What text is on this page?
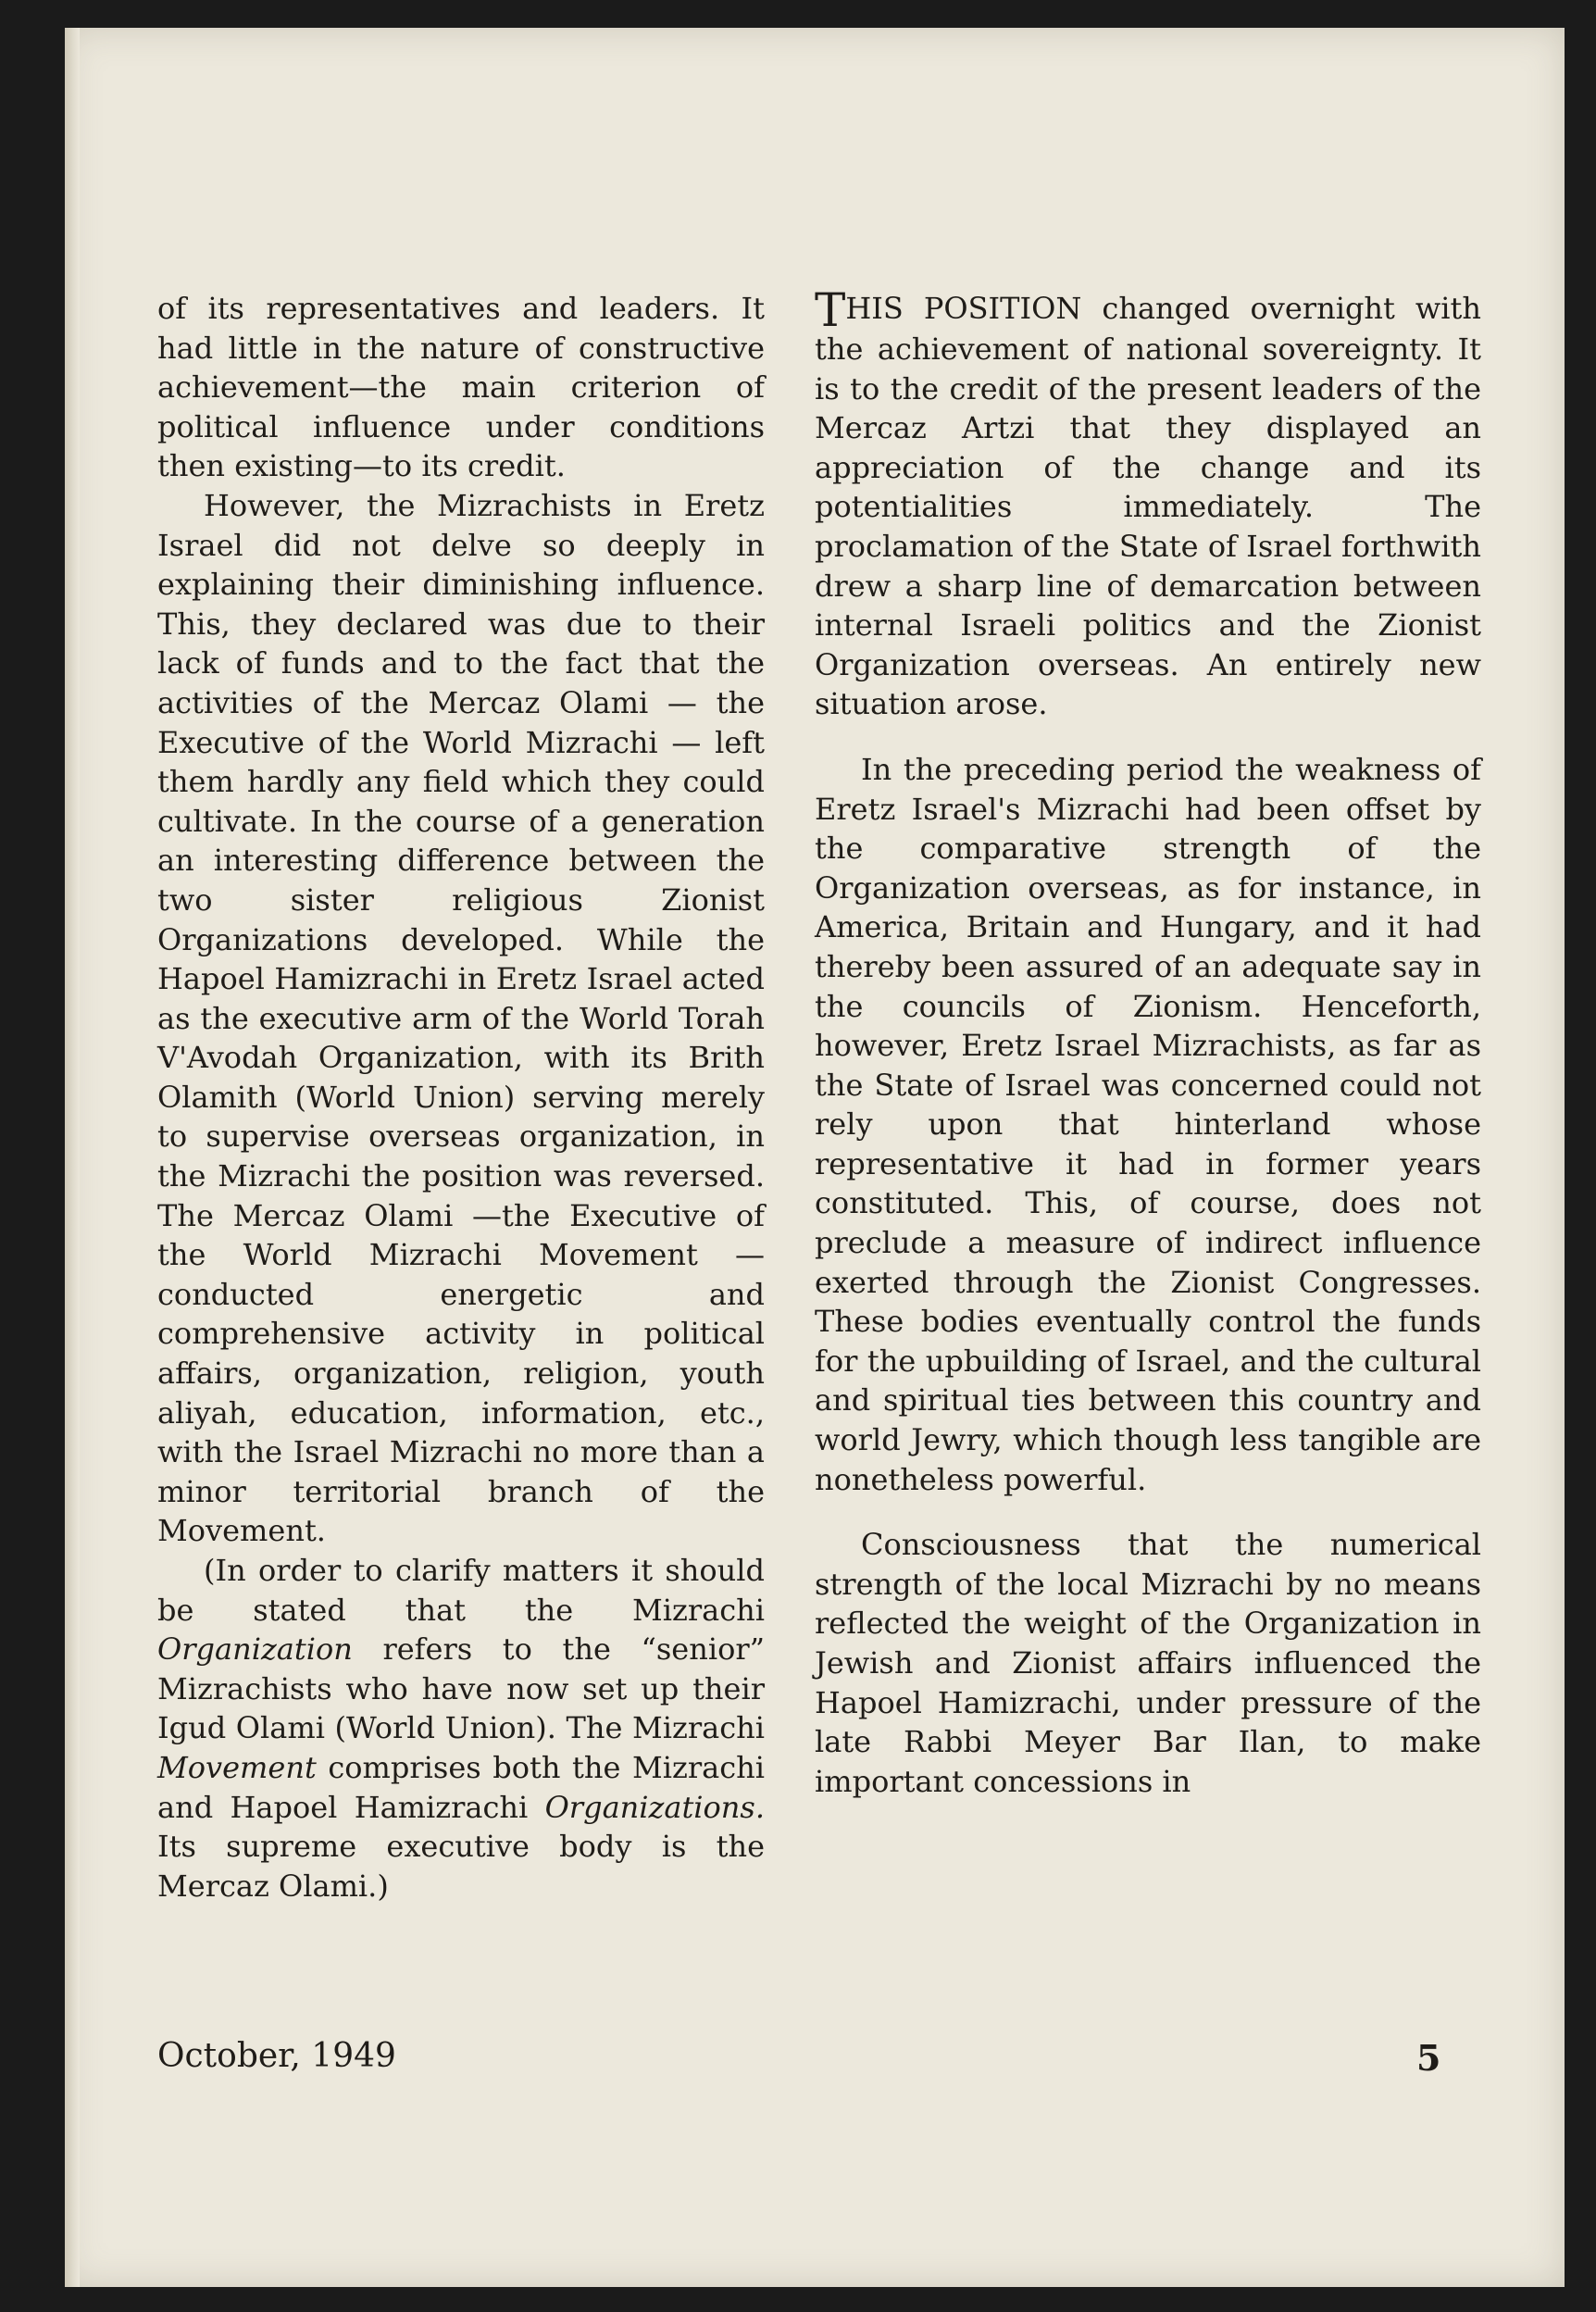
of its representatives and leaders. It had little in the nature of constructive achievement—the main criterion of political influence under conditions then existing—to its credit.

However, the Mizrachists in Eretz Israel did not delve so deeply in explaining their diminishing influence. This, they declared was due to their lack of funds and to the fact that the activities of the Mercaz Olami — the Executive of the World Mizrachi — left them hardly any field which they could cultivate. In the course of a generation an interesting difference between the two sister religious Zionist Organizations developed. While the Hapoel Hamizrachi in Eretz Israel acted as the executive arm of the World Torah V'Avodah Organization, with its Brith Olamith (World Union) serving merely to supervise overseas organization, in the Mizrachi the position was reversed. The Mercaz Olami —the Executive of the World Mizrachi Movement — conducted energetic and comprehensive activity in political affairs, organization, religion, youth aliyah, education, information, etc., with the Israel Mizrachi no more than a minor territorial branch of the Movement.

(In order to clarify matters it should be stated that the Mizrachi Organization refers to the “senior” Mizrachists who have now set up their Igud Olami (World Union). The Mizrachi Movement comprises both the Mizrachi and Hapoel Hamizrachi Organizations. Its supreme executive body is the Mercaz Olami.)

THIS POSITION changed overnight with the achievement of national sovereignty. It is to the credit of the present leaders of the Mercaz Artzi that they displayed an appreciation of the change and its potentialities immediately. The proclamation of the State of Israel forthwith drew a sharp line of demarcation between internal Israeli politics and the Zionist Organization overseas. An entirely new situation arose.

In the preceding period the weakness of Eretz Israel's Mizrachi had been offset by the comparative strength of the Organization overseas, as for instance, in America, Britain and Hungary, and it had thereby been assured of an adequate say in the councils of Zionism. Henceforth, however, Eretz Israel Mizrachists, as far as the State of Israel was concerned could not rely upon that hinterland whose representative it had in former years constituted. This, of course, does not preclude a measure of indirect influence exerted through the Zionist Congresses. These bodies eventually control the funds for the upbuilding of Israel, and the cultural and spiritual ties between this country and world Jewry, which though less tangible are nonetheless powerful.

Consciousness that the numerical strength of the local Mizrachi by no means reflected the weight of the Organization in Jewish and Zionist affairs influenced the Hapoel Hamizrachi, under pressure of the late Rabbi Meyer Bar Ilan, to make important concessions in

October, 1949	5
